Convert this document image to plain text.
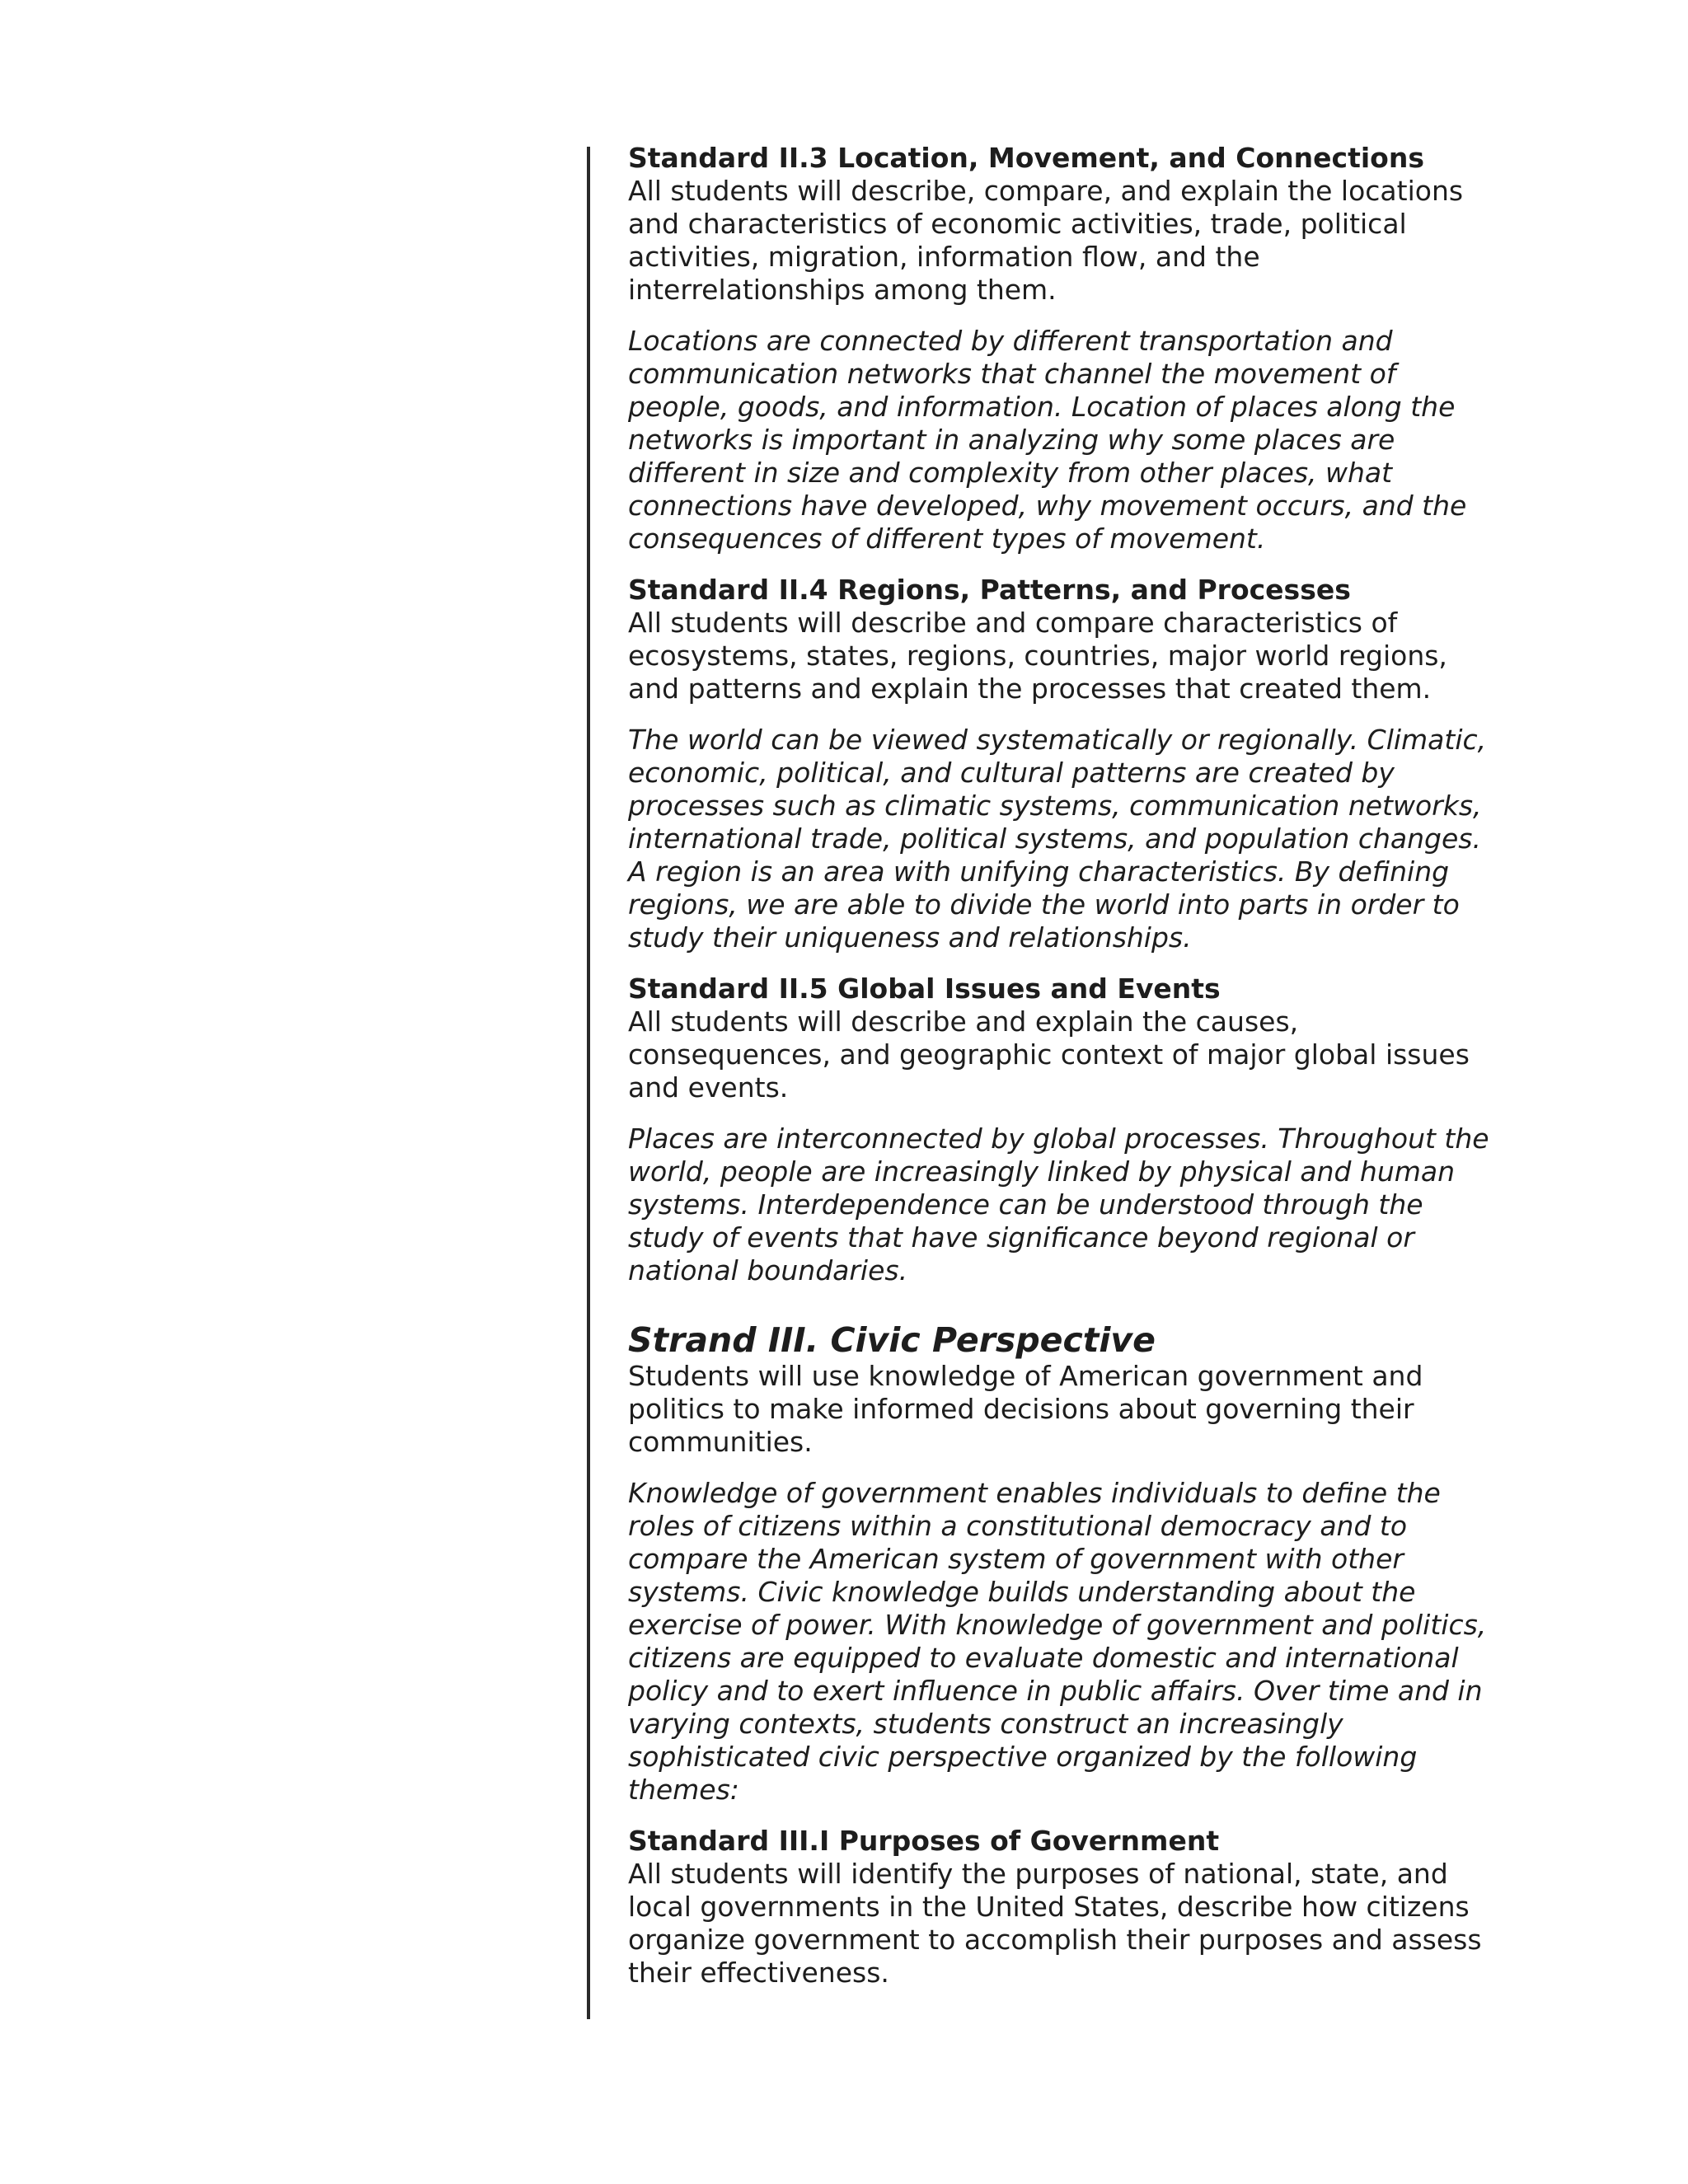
Standard II.3 Location, Movement, and Connections

All students will describe, compare, and explain the locations and characteristics of economic activities, trade, political activities, migration, information flow, and the interrelationships among them.

Locations are connected by different transportation and communication networks that channel the movement of people, goods, and information. Location of places along the networks is important in analyzing why some places are different in size and complexity from other places, what connections have developed, why movement occurs, and the consequences of different types of movement.

Standard II.4 Regions, Patterns, and Processes

All students will describe and compare characteristics of ecosystems, states, regions, countries, major world regions, and patterns and explain the processes that created them.

The world can be viewed systematically or regionally. Climatic, economic, political, and cultural patterns are created by processes such as climatic systems, communication networks, international trade, political systems, and population changes. A region is an area with unifying characteristics. By defining regions, we are able to divide the world into parts in order to study their uniqueness and relationships.

Standard II.5 Global Issues and Events

All students will describe and explain the causes, consequences, and geographic context of major global issues and events.

Places are interconnected by global processes. Throughout the world, people are increasingly linked by physical and human systems. Interdependence can be understood through the study of events that have significance beyond regional or national boundaries.

Strand III. Civic Perspective

Students will use knowledge of American government and politics to make informed decisions about governing their communities.

Knowledge of government enables individuals to define the roles of citizens within a constitutional democracy and to compare the American system of government with other systems. Civic knowledge builds understanding about the exercise of power. With knowledge of government and politics, citizens are equipped to evaluate domestic and international policy and to exert influence in public affairs. Over time and in varying contexts, students construct an increasingly sophisticated civic perspective organized by the following themes:

Standard III.I Purposes of Government

All students will identify the purposes of national, state, and local governments in the United States, describe how citizens organize government to accomplish their purposes and assess their effectiveness.
